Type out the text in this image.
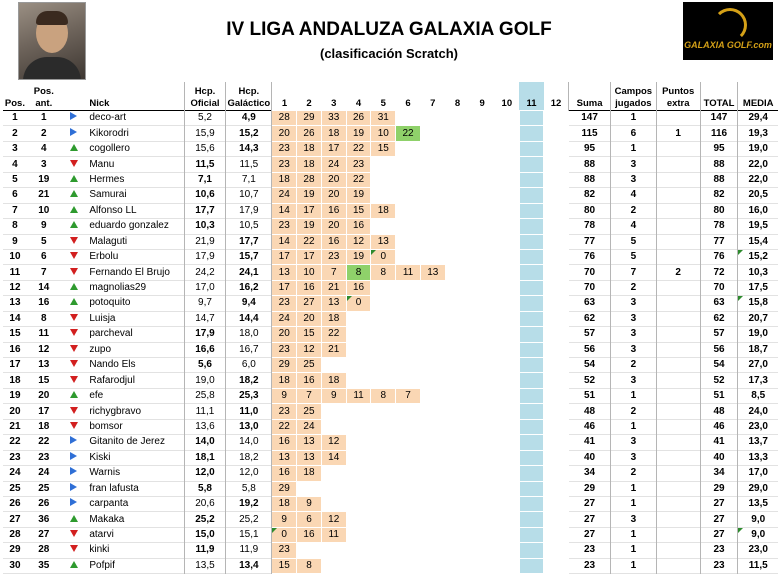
IV LIGA ANDALUZA GALAXIA GOLF
(clasificación Scratch)
GALAXIA GOLF.com
Pos.	Pos. ant.		Nick	Hcp. Oficial	Hcp. Galáctico	1	2	3	4	5	6	7	8	9	10	11	12	Suma	Campos jugados	Puntos extra	TOTAL	MEDIA
1	1		deco-art	5,2	4,9	28	29	33	26	31								147	1		147	29,4
2	2		Kikorodri	15,9	15,2	20	26	18	19	10	22							115	6	1	116	19,3
3	4		cogollero	15,6	14,3	23	18	17	22	15								95	1		95	19,0
4	3		Manu	11,5	11,5	23	18	24	23									88	3		88	22,0
5	19		Hermes	7,1	7,1	18	28	20	22									88	3		88	22,0
6	21		Samurai	10,6	10,7	24	19	20	19									82	4		82	20,5
7	10		Alfonso LL	17,7	17,9	14	17	16	15	18								80	2		80	16,0
8	9		eduardo gonzalez	10,3	10,5	23	19	20	16									78	4		78	19,5
9	5		Malaguti	21,9	17,7	14	22	16	12	13								77	5		77	15,4
10	6		Erbolu	17,9	15,7	17	17	23	19	0								76	5		76	15,2
11	7		Fernando El Brujo	24,2	24,1	13	10	7	8	8	11	13						70	7	2	72	10,3
12	14		magnolias29	17,0	16,2	17	16	21	16									70	2		70	17,5
13	16		potoquito	9,7	9,4	23	27	13	0									63	3		63	15,8
14	8		Luisja	14,7	14,4	24	20	18										62	3		62	20,7
15	11		parcheval	17,9	18,0	20	15	22										57	3		57	19,0
16	12		zupo	16,6	16,7	23	12	21										56	3		56	18,7
17	13		Nando Els	5,6	6,0	29	25											54	2		54	27,0
18	15		Rafarodjul	19,0	18,2	18	16	18										52	3		52	17,3
19	20		efe	25,8	25,3	9	7	9	11	8	7							51	1		51	8,5
20	17		richygbravo	11,1	11,0	23	25											48	2		48	24,0
21	18		bomsor	13,6	13,0	22	24											46	1		46	23,0
22	22		Gitanito de Jerez	14,0	14,0	16	13	12										41	3		41	13,7
23	23		Kiski	18,1	18,2	13	13	14										40	3		40	13,3
24	24		Warnis	12,0	12,0	16	18											34	2		34	17,0
25	25		fran lafusta	5,8	5,8	29												29	1		29	29,0
26	26		carpanta	20,6	19,2	18	9											27	1		27	13,5
27	36		Makaka	25,2	25,2	9	6	12										27	3		27	9,0
28	27		atarvi	15,0	15,1	0	16	11										27	1		27	9,0
29	28		kinki	11,9	11,9	23												23	1		23	23,0
30	35		Pofpif	13,5	13,4	15	8											23	1		23	11,5
